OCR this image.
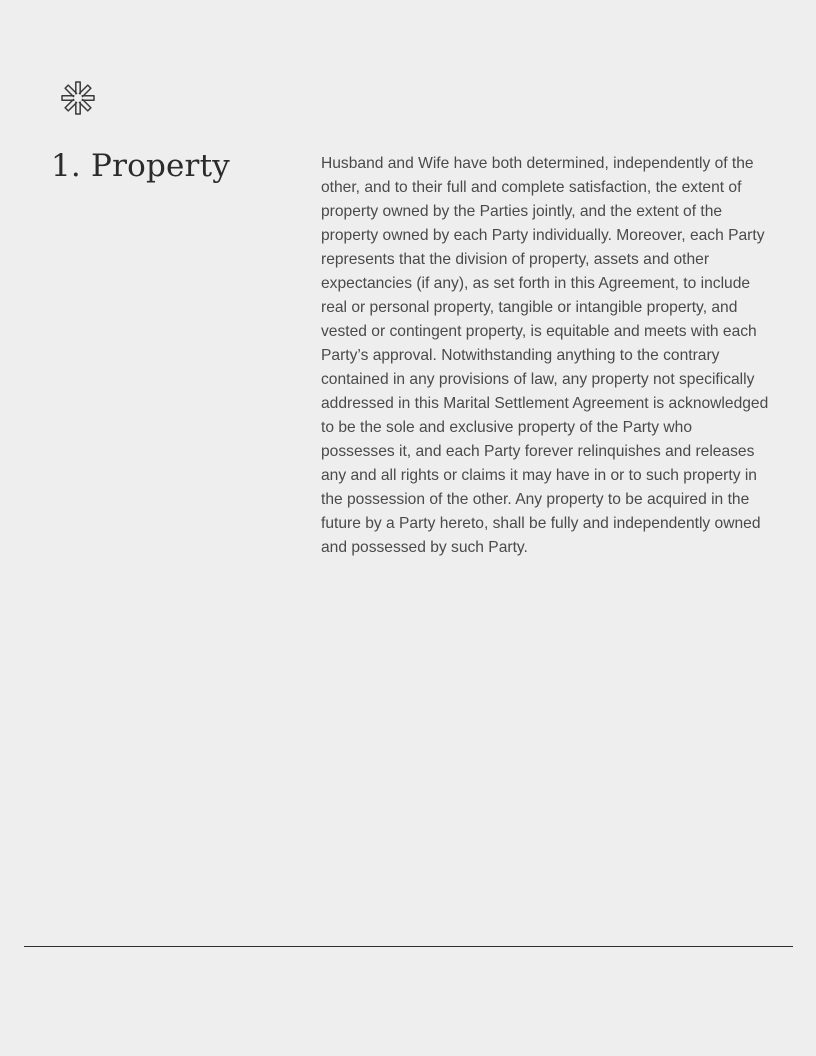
1. Property	Husband and Wife have both determined, independently of the other, and to their full and complete satisfaction, the extent of property owned by the Parties jointly, and the extent of the property owned by each Party individually. Moreover, each Party represents that the division of property, assets and other expectancies (if any), as set forth in this Agreement, to include real or personal property, tangible or intangible property, and vested or contingent property, is equitable and meets with each Party’s approval. Notwithstanding anything to the contrary contained in any provisions of law, any property not specifically addressed in this Marital Settlement Agreement is acknowledged to be the sole and exclusive property of the Party who possesses it, and each Party forever relinquishes and releases any and all rights or claims it may have in or to such property in the possession of the other. Any property to be acquired in the future by a Party hereto, shall be fully and independently owned and possessed by such Party.
